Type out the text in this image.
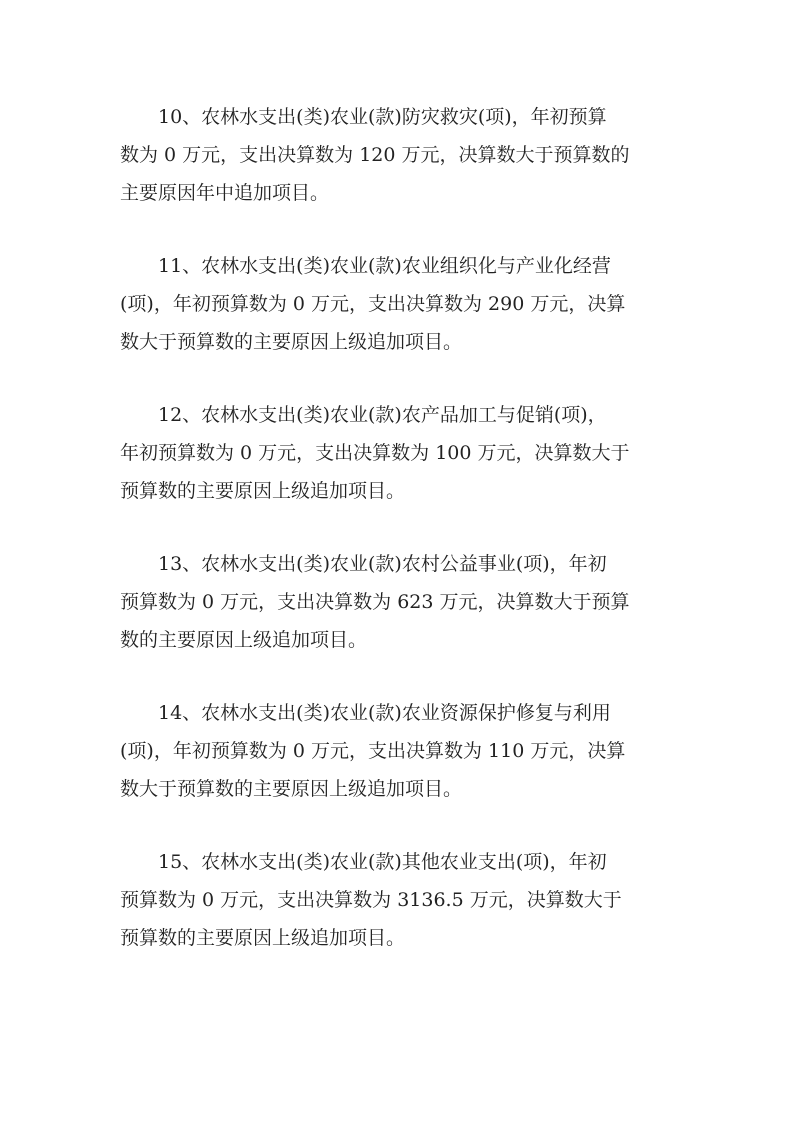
10、农林水支出(类)农业(款)防灾救灾(项)，年初预算
数为 0 万元，支出决算数为 120 万元，决算数大于预算数的
主要原因年中追加项目。

11、农林水支出(类)农业(款)农业组织化与产业化经营
(项)，年初预算数为 0 万元，支出决算数为 290 万元，决算
数大于预算数的主要原因上级追加项目。

12、农林水支出(类)农业(款)农产品加工与促销(项)，
年初预算数为 0 万元，支出决算数为 100 万元，决算数大于
预算数的主要原因上级追加项目。

13、农林水支出(类)农业(款)农村公益事业(项)，年初
预算数为 0 万元，支出决算数为 623 万元，决算数大于预算
数的主要原因上级追加项目。

14、农林水支出(类)农业(款)农业资源保护修复与利用
(项)，年初预算数为 0 万元，支出决算数为 110 万元，决算
数大于预算数的主要原因上级追加项目。

15、农林水支出(类)农业(款)其他农业支出(项)，年初
预算数为 0 万元，支出决算数为 3136.5 万元，决算数大于
预算数的主要原因上级追加项目。
